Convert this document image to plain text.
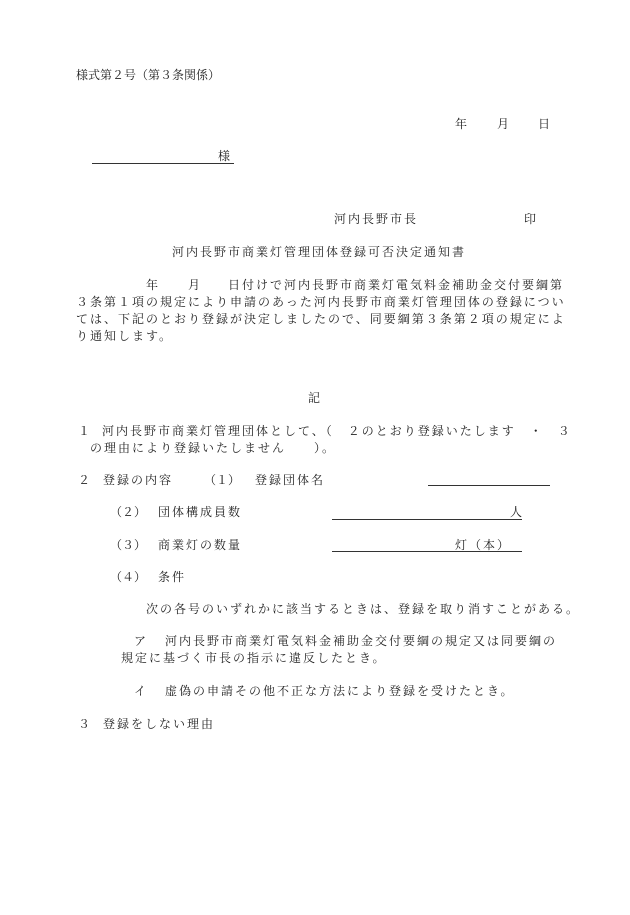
様式第２号（第３条関係）
年 月 日
様
河内長野市長	印
河内長野市商業灯管理団体登録可否決定通知書
年 月 日付けで河内長野市商業灯電気料金補助金交付要綱第
３条第１項の規定により申請のあった河内長野市商業灯管理団体の登録につい
ては、下記のとおり登録が決定しましたので、同要綱第３条第２項の規定によ
り通知します。
記
１ 河内長野市商業灯管理団体として、（　２のとおり登録いたします　・　３
の理由により登録いたしません　　）。
２ 登録の内容	（１） 登録団体名
（２） 団体構成員数	人
（３） 商業灯の数量	灯（本）
（４） 条件
次の各号のいずれかに該当するときは、登録を取り消すことがある。
ア 河内長野市商業灯電気料金補助金交付要綱の規定又は同要綱の
規定に基づく市長の指示に違反したとき。
イ 虚偽の申請その他不正な方法により登録を受けたとき。
３ 登録をしない理由
